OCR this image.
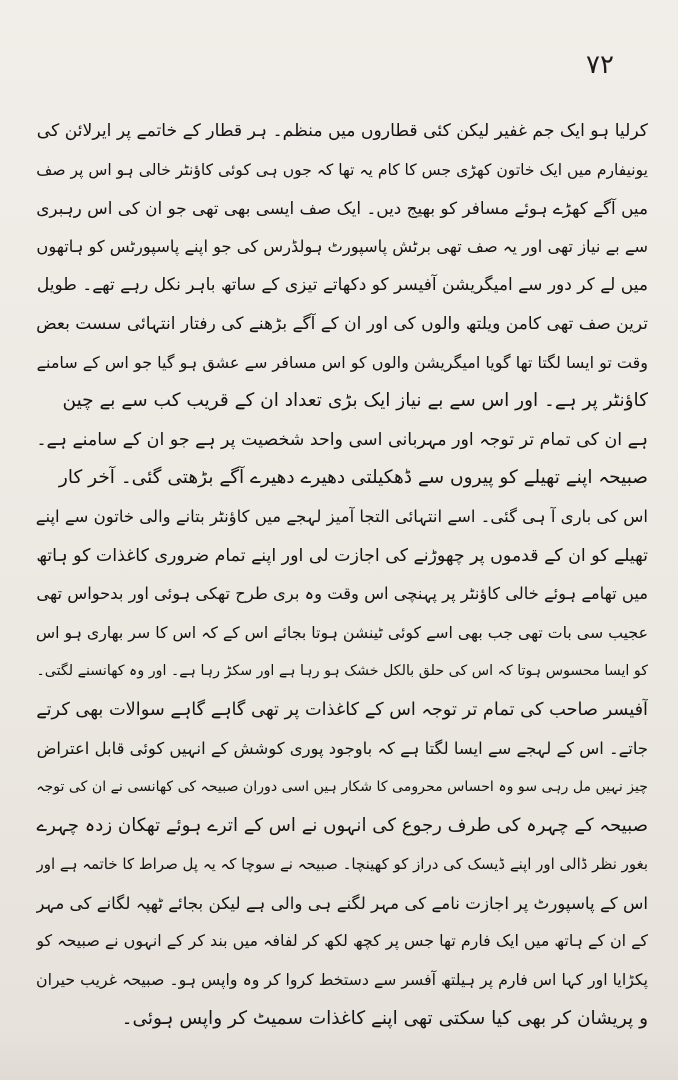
۷۲
کرلیا ہو ایک جم غفیر لیکن کئی قطاروں میں منظم۔ ہر قطار کے خاتمے پر ایرلائن کی
یونیفارم میں ایک خاتون کھڑی جس کا کام یہ تھا کہ جوں ہی کوئی کاؤنٹر خالی ہو اس پر صف
میں آگے کھڑے ہوئے مسافر کو بھیج دیں۔ ایک صف ایسی بھی تھی جو ان کی اس رہبری
سے بے نیاز تھی اور یہ صف تھی برٹش پاسپورٹ ہولڈرس کی جو اپنے پاسپورٹس کو ہاتھوں
میں لے کر دور سے امیگریشن آفیسر کو دکھاتے تیزی کے ساتھ باہر نکل رہے تھے۔ طویل
ترین صف تھی کامن ویلتھ والوں کی اور ان کے آگے بڑھنے کی رفتار انتہائی سست بعض
وقت تو ایسا لگتا تھا گویا امیگریشن والوں کو اس مسافر سے عشق ہو گیا جو اس کے سامنے
کاؤنٹر پر ہے۔ اور اس سے بے نیاز ایک بڑی تعداد ان کے قریب کب سے بے چین
ہے ان کی تمام تر توجہ اور مہربانی اسی واحد شخصیت پر ہے جو ان کے سامنے ہے۔
صبیحہ اپنے تھیلے کو پیروں سے ڈھکیلتی دھیرے دھیرے آگے بڑھتی گئی۔ آخر کار
اس کی باری آ ہی گئی۔ اسے انتہائی التجا آمیز لہجے میں کاؤنٹر بتانے والی خاتون سے اپنے
تھیلے کو ان کے قدموں پر چھوڑنے کی اجازت لی اور اپنے تمام ضروری کاغذات کو ہاتھ
میں تھامے ہوئے خالی کاؤنٹر پر پہنچی اس وقت وہ بری طرح تھکی ہوئی اور بدحواس تھی
عجیب سی بات تھی جب بھی اسے کوئی ٹینشن ہوتا بجائے اس کے کہ اس کا سر بھاری ہو اس
کو ایسا محسوس ہوتا کہ اس کی حلق بالکل خشک ہو رہا ہے اور سکڑ رہا ہے۔ اور وہ کھانسنے لگتی۔
آفیسر صاحب کی تمام تر توجہ اس کے کاغذات پر تھی گاہے گاہے سوالات بھی کرتے
جاتے۔ اس کے لہجے سے ایسا لگتا ہے کہ باوجود پوری کوشش کے انہیں کوئی قابل اعتراض
چیز نہیں مل رہی سو وہ احساس محرومی کا شکار ہیں اسی دوران صبیحہ کی کھانسی نے ان کی توجہ
صبیحہ کے چہرہ کی طرف رجوع کی انہوں نے اس کے اترے ہوئے تھکان زدہ چہرے
بغور نظر ڈالی اور اپنے ڈیسک کی دراز کو کھینچا۔ صبیحہ نے سوچا کہ یہ پل صراط کا خاتمہ ہے اور
اس کے پاسپورٹ پر اجازت نامے کی مہر لگنے ہی والی ہے لیکن بجائے ٹھپہ لگانے کی مہر
کے ان کے ہاتھ میں ایک فارم تھا جس پر کچھ لکھ کر لفافہ میں بند کر کے انہوں نے صبیحہ کو
پکڑایا اور کہا اس فارم پر ہیلتھ آفسر سے دستخط کروا کر وہ واپس ہو۔ صبیحہ غریب حیران
و پریشان کر بھی کیا سکتی تھی اپنے کاغذات سمیٹ کر واپس ہوئی۔
